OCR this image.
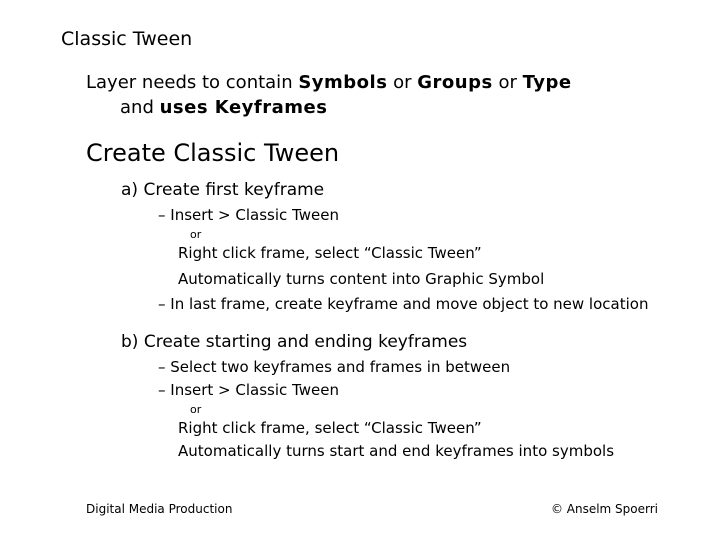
Classic Tween
Layer needs to contain Symbols or Groups or Type
and uses Keyframes
Create Classic Tween
a) Create first keyframe
– Insert > Classic Tween
or
Right click frame, select “Classic Tween”
Automatically turns content into Graphic Symbol
– In last frame, create keyframe and move object to new location
b) Create starting and ending keyframes
– Select two keyframes and frames in between
– Insert > Classic Tween
or
Right click frame, select “Classic Tween”
Automatically turns start and end keyframes into symbols
Digital Media Production	© Anselm Spoerri
